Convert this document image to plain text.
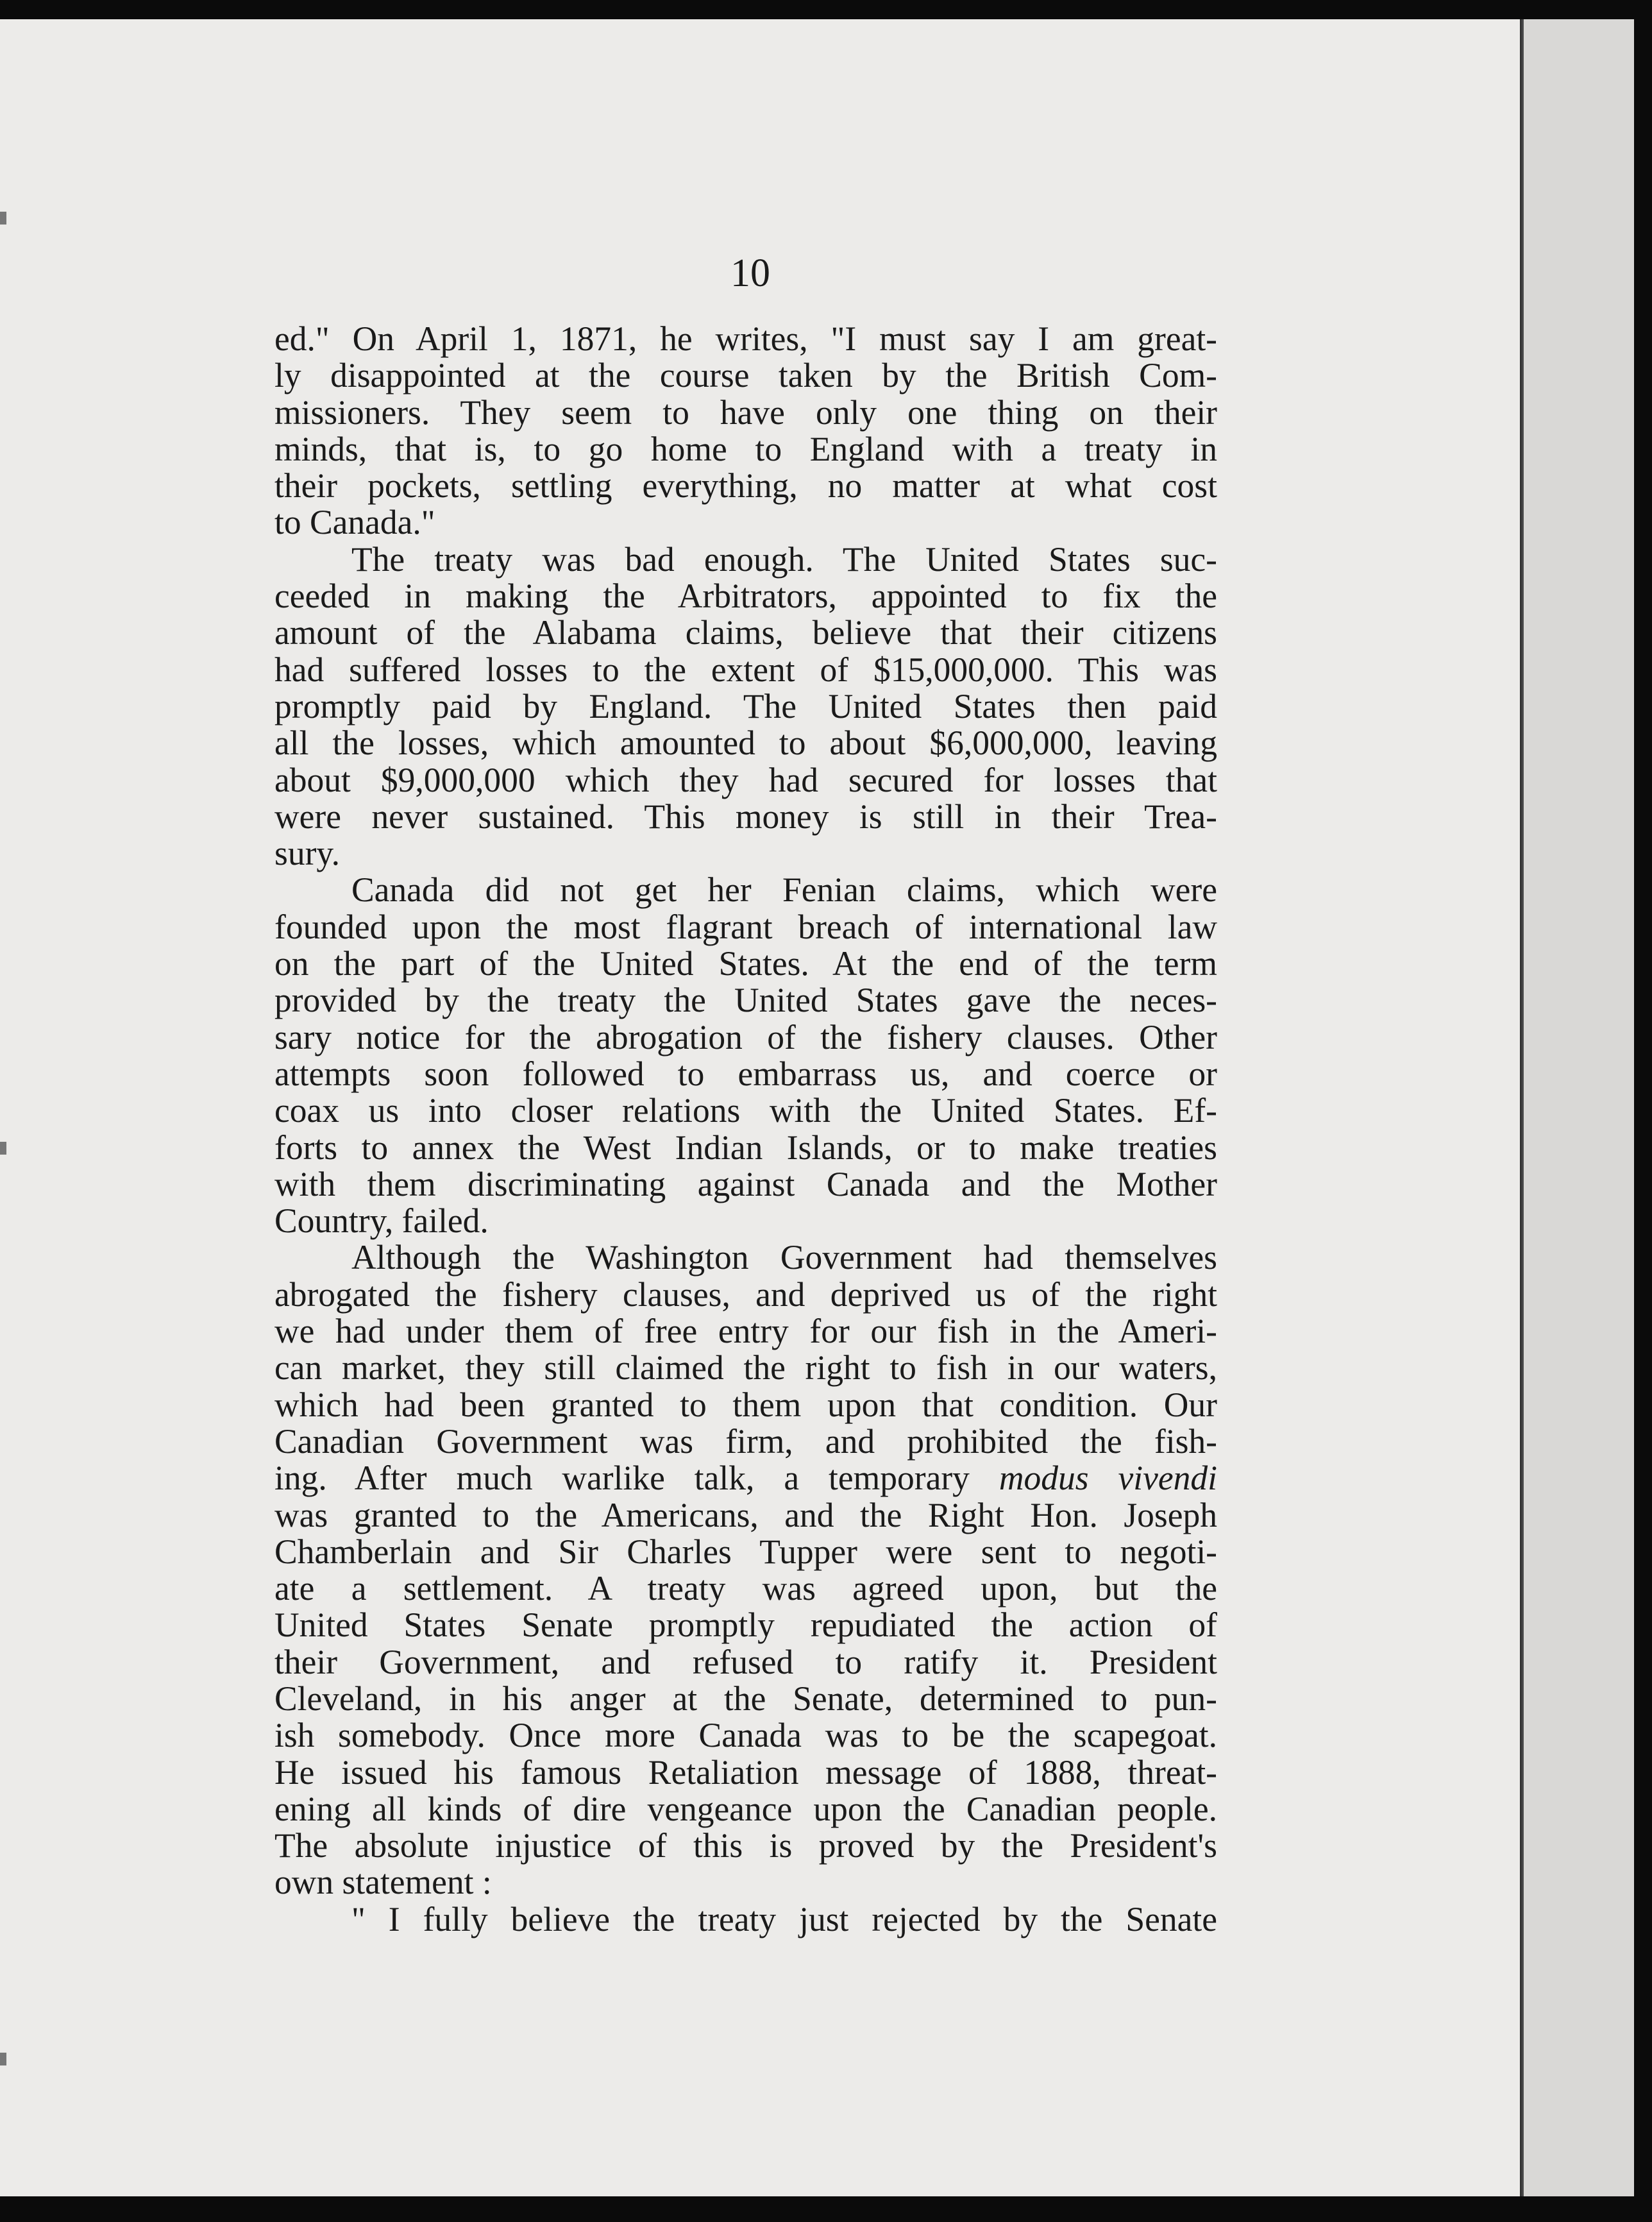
10
ed." On April 1, 1871, he writes, "I must say I am great-
ly disappointed at the course taken by the British Com-
missioners. They seem to have only one thing on their
minds, that is, to go home to England with a treaty in
their pockets, settling everything, no matter at what cost
to Canada."
The treaty was bad enough. The United States suc-
ceeded in making the Arbitrators, appointed to fix the
amount of the Alabama claims, believe that their citizens
had suffered losses to the extent of $15,000,000. This was
promptly paid by England. The United States then paid
all the losses, which amounted to about $6,000,000, leaving
about $9,000,000 which they had secured for losses that
were never sustained. This money is still in their Trea-
sury.
Canada did not get her Fenian claims, which were
founded upon the most flagrant breach of international law
on the part of the United States. At the end of the term
provided by the treaty the United States gave the neces-
sary notice for the abrogation of the fishery clauses. Other
attempts soon followed to embarrass us, and coerce or
coax us into closer relations with the United States. Ef-
forts to annex the West Indian Islands, or to make treaties
with them discriminating against Canada and the Mother
Country, failed.
Although the Washington Government had themselves
abrogated the fishery clauses, and deprived us of the right
we had under them of free entry for our fish in the Ameri-
can market, they still claimed the right to fish in our waters,
which had been granted to them upon that condition. Our
Canadian Government was firm, and prohibited the fish-
ing. After much warlike talk, a temporary modus vivendi
was granted to the Americans, and the Right Hon. Joseph
Chamberlain and Sir Charles Tupper were sent to negoti-
ate a settlement. A treaty was agreed upon, but the
United States Senate promptly repudiated the action of
their Government, and refused to ratify it. President
Cleveland, in his anger at the Senate, determined to pun-
ish somebody. Once more Canada was to be the scapegoat.
He issued his famous Retaliation message of 1888, threat-
ening all kinds of dire vengeance upon the Canadian people.
The absolute injustice of this is proved by the President's
own statement :
" I fully believe the treaty just rejected by the Senate
